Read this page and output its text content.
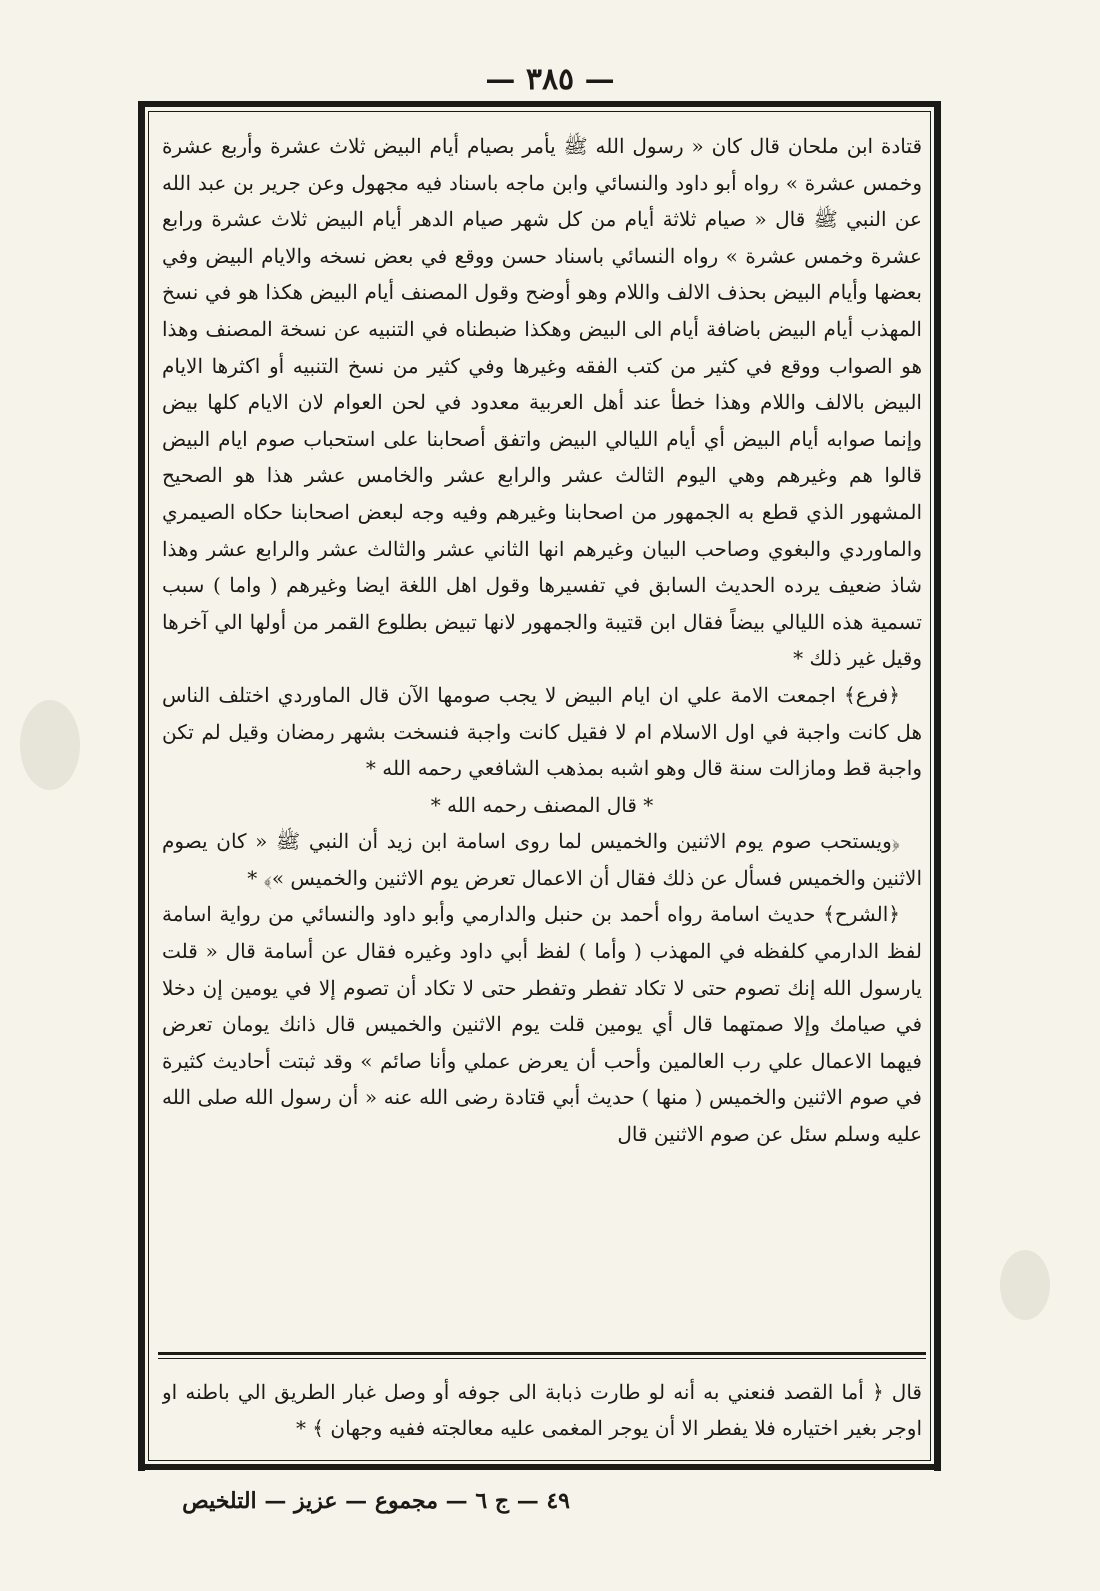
— ٣٨٥ —

قتادة ابن ملحان قال كان « رسول الله ﷺ يأمر بصيام أيام البيض ثلاث عشرة وأربع عشرة وخمس عشرة » رواه أبو داود والنسائي وابن ماجه باسناد فيه مجهول وعن جرير بن عبد الله عن النبي ﷺ قال « صيام ثلاثة أيام من كل شهر صيام الدهر أيام البيض ثلاث عشرة ورابع عشرة وخمس عشرة » رواه النسائي باسناد حسن ووقع في بعض نسخه والايام البيض وفي بعضها وأيام البيض بحذف الالف واللام وهو أوضح وقول المصنف أيام البيض هكذا هو في نسخ المهذب أيام البيض باضافة أيام الى البيض وهكذا ضبطناه في التنبيه عن نسخة المصنف وهذا هو الصواب ووقع في كثير من كتب الفقه وغيرها وفي كثير من نسخ التنبيه أو اكثرها الايام البيض بالالف واللام وهذا خطأ عند أهل العربية معدود في لحن العوام لان الايام كلها بيض وإنما صوابه أيام البيض أي أيام الليالي البيض واتفق أصحابنا على استحباب صوم ايام البيض قالوا هم وغيرهم وهي اليوم الثالث عشر والرابع عشر والخامس عشر هذا هو الصحيح المشهور الذي قطع به الجمهور من اصحابنا وغيرهم وفيه وجه لبعض اصحابنا حكاه الصيمري والماوردي والبغوي وصاحب البيان وغيرهم انها الثاني عشر والثالث عشر والرابع عشر وهذا شاذ ضعيف يرده الحديث السابق في تفسيرها وقول اهل اللغة ايضا وغيرهم ( واما ) سبب تسمية هذه الليالي بيضاً فقال ابن قتيبة والجمهور لانها تبيض بطلوع القمر من أولها الي آخرها وقيل غير ذلك *

﴿فرع﴾ اجمعت الامة علي ان ايام البيض لا يجب صومها الآن قال الماوردي اختلف الناس هل كانت واجبة في اول الاسلام ام لا فقيل كانت واجبة فنسخت بشهر رمضان وقيل لم تكن واجبة قط ومازالت سنة قال وهو اشبه بمذهب الشافعي رحمه الله *

* قال المصنف رحمه الله *

﴿ويستحب صوم يوم الاثنين والخميس لما روى اسامة ابن زيد أن النبي ﷺ « كان يصوم الاثنين والخميس فسأل عن ذلك فقال أن الاعمال تعرض يوم الاثنين والخميس »﴾ *

﴿الشرح﴾ حديث اسامة رواه أحمد بن حنبل والدارمي وأبو داود والنسائي من رواية اسامة لفظ الدارمي كلفظه في المهذب ( وأما ) لفظ أبي داود وغيره فقال عن أسامة قال « قلت يارسول الله إنك تصوم حتى لا تكاد تفطر وتفطر حتى لا تكاد أن تصوم إلا في يومين إن دخلا في صيامك وإلا صمتهما قال أي يومين قلت يوم الاثنين والخميس قال ذانك يومان تعرض فيهما الاعمال علي رب العالمين وأحب أن يعرض عملي وأنا صائم » وقد ثبتت أحاديث كثيرة في صوم الاثنين والخميس ( منها ) حديث أبي قتادة رضى الله عنه « أن رسول الله صلى الله عليه وسلم سئل عن صوم الاثنين قال

قال ﴿ أما القصد فنعني به أنه لو طارت ذبابة الى جوفه أو وصل غبار الطريق الي باطنه او اوجر بغير اختياره فلا يفطر الا أن يوجر المغمى عليه معالجته ففيه وجهان ﴾ *

٤٩ — ج ٦ — مجموع — عزيز — التلخيص
